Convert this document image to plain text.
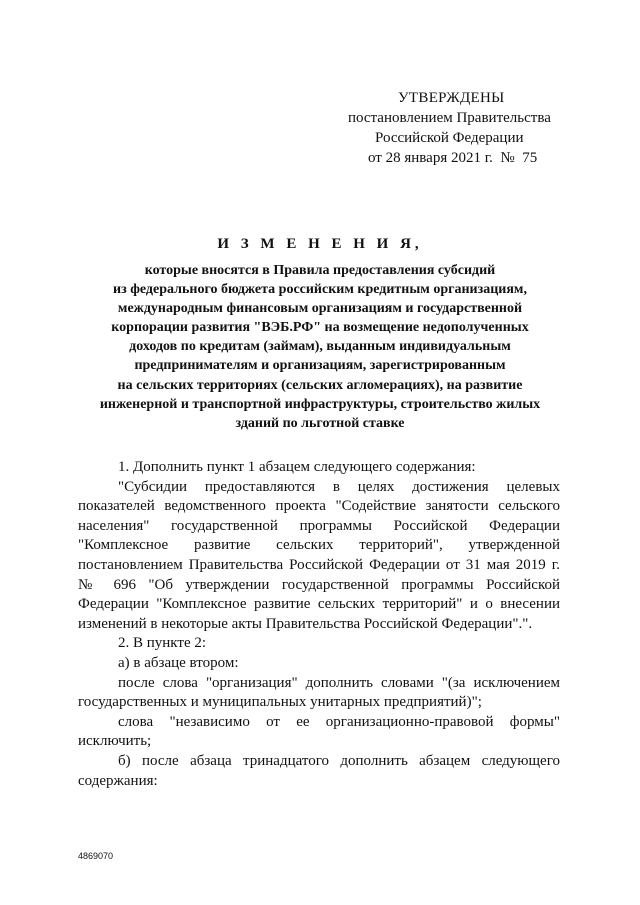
УТВЕРЖДЕНЫ
постановлением Правительства
Российской Федерации
от 28 января 2021 г.  №  75
И З М Е Н Е Н И Я,
которые вносятся в Правила предоставления субсидий
из федерального бюджета российским кредитным организациям,
международным финансовым организациям и государственной
корпорации развития "ВЭБ.РФ" на возмещение недополученных
доходов по кредитам (займам), выданным индивидуальным
предпринимателям и организациям, зарегистрированным
на сельских территориях (сельских агломерациях), на развитие
инженерной и транспортной инфраструктуры, строительство жилых
зданий по льготной ставке
1. Дополнить пункт 1 абзацем следующего содержания:
"Субсидии предоставляются в целях достижения целевых
показателей ведомственного проекта "Содействие занятости сельского
населения" государственной программы Российской Федерации
"Комплексное развитие сельских территорий", утвержденной
постановлением Правительства Российской Федерации от 31 мая 2019 г.
№ 696 "Об утверждении государственной программы Российской
Федерации "Комплексное развитие сельских территорий" и о внесении
изменений в некоторые акты Правительства Российской Федерации".".
2. В пункте 2:
а) в абзаце втором:
после слова "организация" дополнить словами "(за исключением
государственных и муниципальных унитарных предприятий)";
слова "независимо от ее организационно-правовой формы"
исключить;
б) после абзаца тринадцатого дополнить абзацем следующего
содержания:
4869070
